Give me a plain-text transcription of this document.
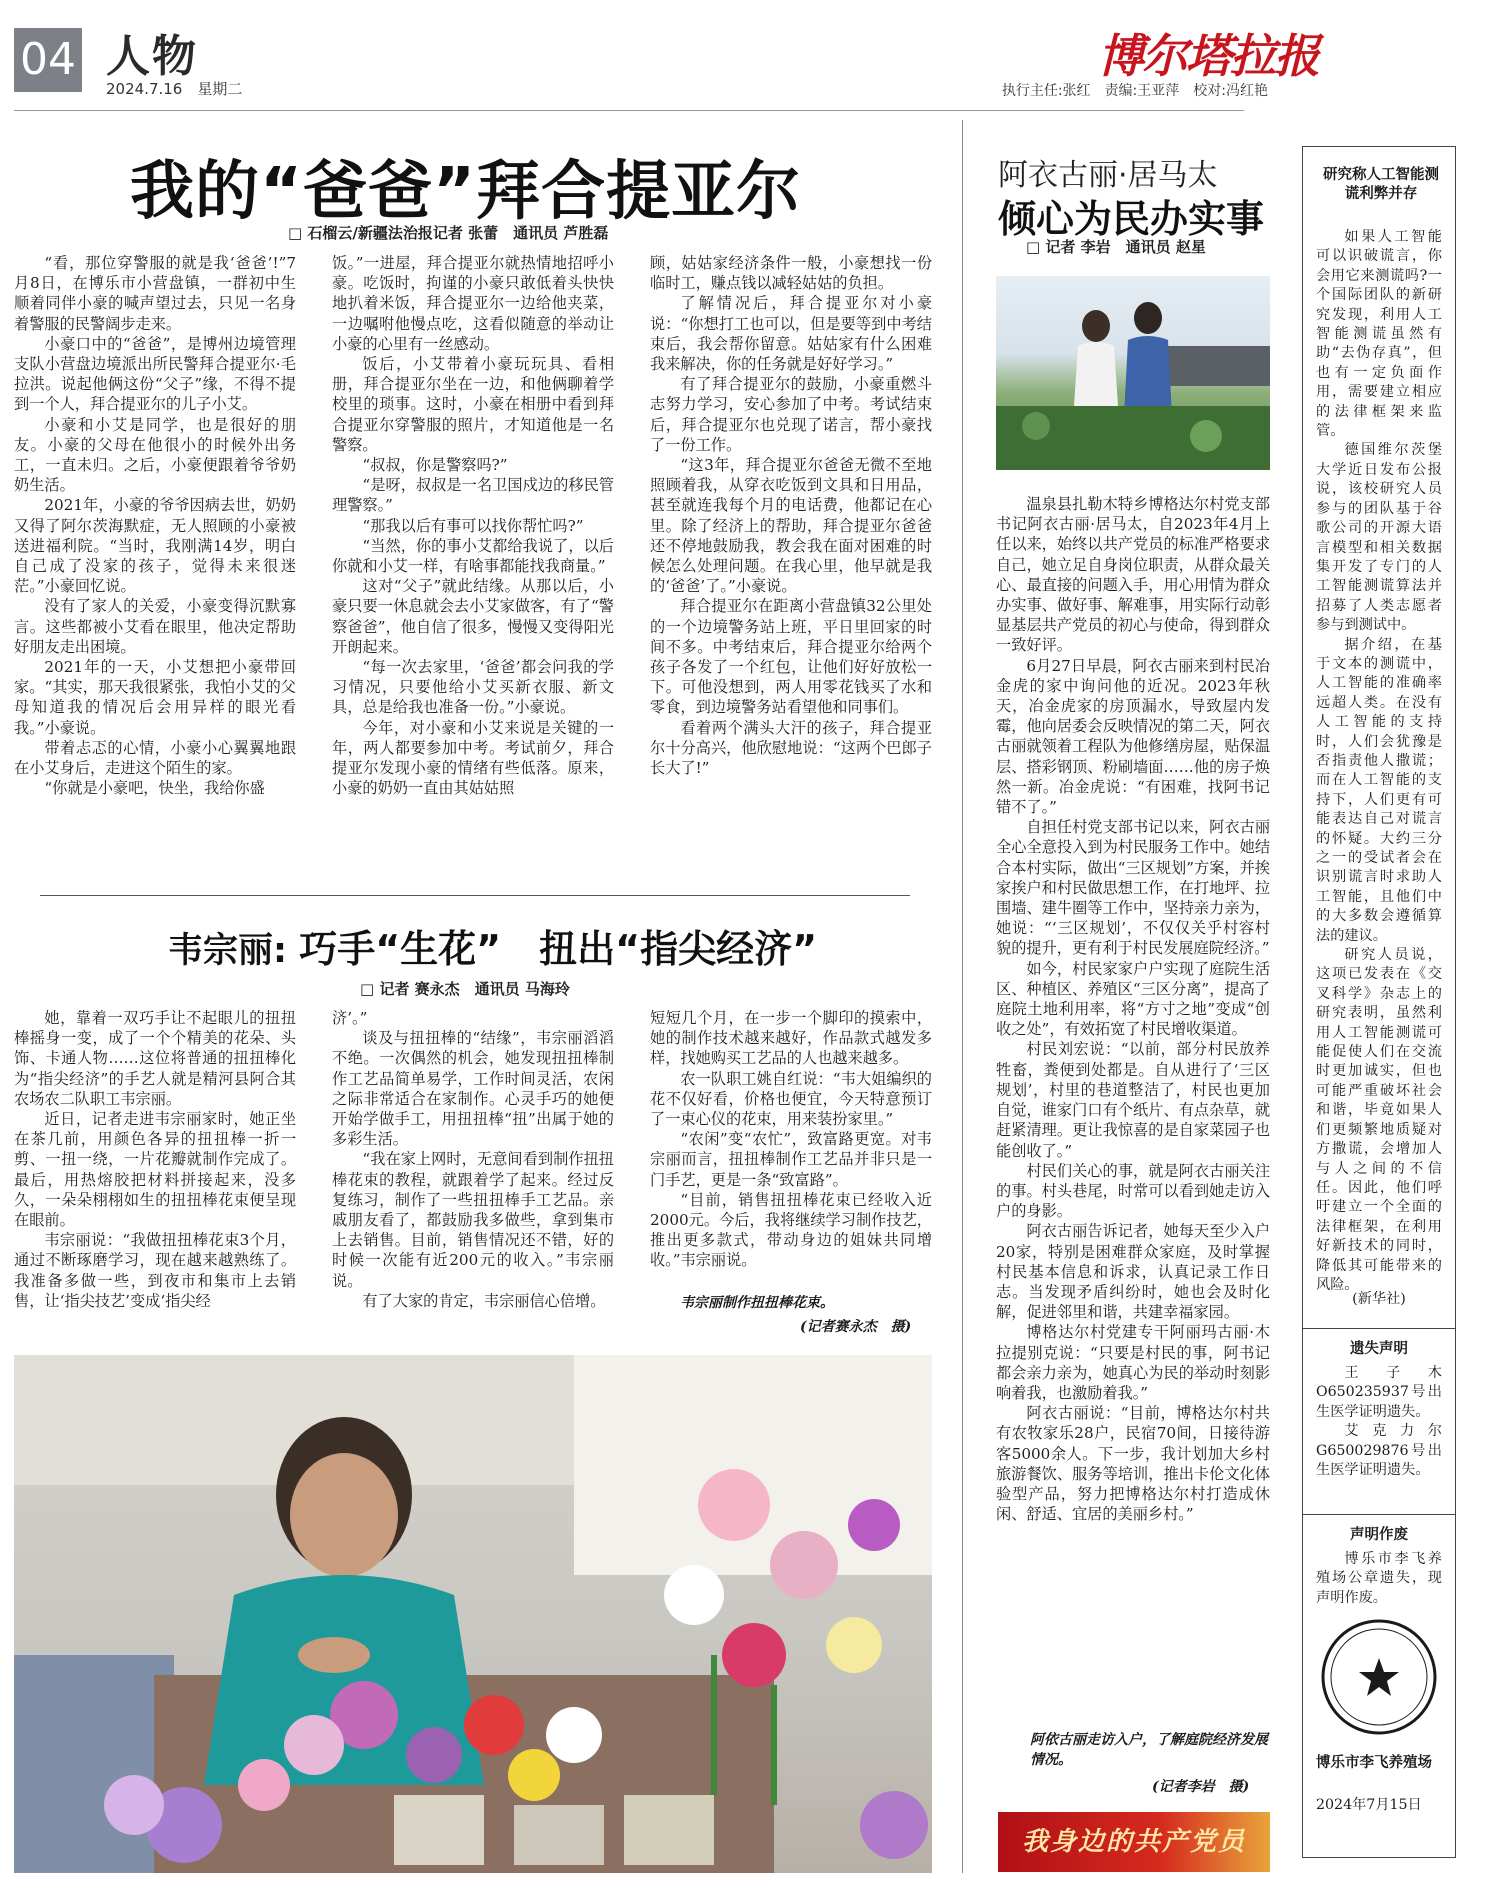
04 人物
2024.7.16　星期二
博尔塔拉报
执行主任:张红　责编:王亚萍　校对:冯红艳
我的“爸爸”拜合提亚尔
□ 石榴云/新疆法治报记者 张蕾　通讯员 芦胜磊

“看，那位穿警服的就是我‘爸爸’!”7月8日，在博乐市小营盘镇，一群初中生顺着同伴小豪的喊声望过去，只见一名身着警服的民警阔步走来。

小豪口中的“爸爸”，是博州边境管理支队小营盘边境派出所民警拜合提亚尔·毛拉洪。说起他俩这份“父子”缘，不得不提到一个人，拜合提亚尔的儿子小艾。

小豪和小艾是同学，也是很好的朋友。小豪的父母在他很小的时候外出务工，一直未归。之后，小豪便跟着爷爷奶奶生活。

2021年，小豪的爷爷因病去世，奶奶又得了阿尔茨海默症，无人照顾的小豪被送进福利院。“当时，我刚满14岁，明白自己成了没家的孩子，觉得未来很迷茫。”小豪回忆说。

没有了家人的关爱，小豪变得沉默寡言。这些都被小艾看在眼里，他决定帮助好朋友走出困境。

2021年的一天，小艾想把小豪带回家。“其实，那天我很紧张，我怕小艾的父母知道我的情况后会用异样的眼光看我。”小豪说。

带着忐忑的心情，小豪小心翼翼地跟在小艾身后，走进这个陌生的家。

“你就是小豪吧，快坐，我给你盛

饭。”一进屋，拜合提亚尔就热情地招呼小豪。吃饭时，拘谨的小豪只敢低着头快快地扒着米饭，拜合提亚尔一边给他夹菜，一边嘱咐他慢点吃，这看似随意的举动让小豪的心里有一丝感动。

饭后，小艾带着小豪玩玩具、看相册，拜合提亚尔坐在一边，和他俩聊着学校里的琐事。这时，小豪在相册中看到拜合提亚尔穿警服的照片，才知道他是一名警察。

“叔叔，你是警察吗?”

“是呀，叔叔是一名卫国戍边的移民管理警察。”

“那我以后有事可以找你帮忙吗?”

“当然，你的事小艾都给我说了，以后你就和小艾一样，有啥事都能找我商量。”

这对“父子”就此结缘。从那以后，小豪只要一休息就会去小艾家做客，有了“警察爸爸”，他自信了很多，慢慢又变得阳光开朗起来。

“每一次去家里，‘爸爸’都会问我的学习情况，只要他给小艾买新衣服、新文具，总是给我也准备一份。”小豪说。

今年，对小豪和小艾来说是关键的一年，两人都要参加中考。考试前夕，拜合提亚尔发现小豪的情绪有些低落。原来，小豪的奶奶一直由其姑姑照

顾，姑姑家经济条件一般，小豪想找一份临时工，赚点钱以减轻姑姑的负担。

了解情况后，拜合提亚尔对小豪说：“你想打工也可以，但是要等到中考结束后，我会帮你留意。姑姑家有什么困难我来解决，你的任务就是好好学习。”

有了拜合提亚尔的鼓励，小豪重燃斗志努力学习，安心参加了中考。考试结束后，拜合提亚尔也兑现了诺言，帮小豪找了一份工作。

“这3年，拜合提亚尔爸爸无微不至地照顾着我，从穿衣吃饭到文具和日用品，甚至就连我每个月的电话费，他都记在心里。除了经济上的帮助，拜合提亚尔爸爸还不停地鼓励我，教会我在面对困难的时候怎么处理问题。在我心里，他早就是我的‘爸爸’了。”小豪说。

拜合提亚尔在距离小营盘镇32公里处的一个边境警务站上班，平日里回家的时间不多。中考结束后，拜合提亚尔给两个孩子各发了一个红包，让他们好好放松一下。可他没想到，两人用零花钱买了水和零食，到边境警务站看望他和同事们。

看着两个满头大汗的孩子，拜合提亚尔十分高兴，他欣慰地说：“这两个巴郎子长大了!”

韦宗丽: 巧手“生花”　扭出“指尖经济”
□ 记者 赛永杰　通讯员 马海玲

她，靠着一双巧手让不起眼儿的扭扭棒摇身一变，成了一个个精美的花朵、头饰、卡通人物……这位将普通的扭扭棒化为“指尖经济”的手艺人就是精河县阿合其农场农二队职工韦宗丽。

近日，记者走进韦宗丽家时，她正坐在茶几前，用颜色各异的扭扭棒一折一剪、一扭一绕，一片花瓣就制作完成了。最后，用热熔胶把材料拼接起来，没多久，一朵朵栩栩如生的扭扭棒花束便呈现在眼前。

韦宗丽说：“我做扭扭棒花束3个月，通过不断琢磨学习，现在越来越熟练了。我准备多做一些，到夜市和集市上去销售，让‘指尖技艺’变成‘指尖经

济’。”

谈及与扭扭棒的“结缘”，韦宗丽滔滔不绝。一次偶然的机会，她发现扭扭棒制作工艺品简单易学，工作时间灵活，农闲之际非常适合在家制作。心灵手巧的她便开始学做手工，用扭扭棒“扭”出属于她的多彩生活。

“我在家上网时，无意间看到制作扭扭棒花束的教程，就跟着学了起来。经过反复练习，制作了一些扭扭棒手工艺品。亲戚朋友看了，都鼓励我多做些，拿到集市上去销售。目前，销售情况还不错，好的时候一次能有近200元的收入。”韦宗丽说。

有了大家的肯定，韦宗丽信心倍增。

短短几个月，在一步一个脚印的摸索中，她的制作技术越来越好，作品款式越发多样，找她购买工艺品的人也越来越多。

农一队职工姚自红说：“韦大姐编织的花不仅好看，价格也便宜，今天特意预订了一束心仪的花束，用来装扮家里。”

“农闲”变“农忙”，致富路更宽。对韦宗丽而言，扭扭棒制作工艺品并非只是一门手艺，更是一条“致富路”。

“目前，销售扭扭棒花束已经收入近2000元。今后，我将继续学习制作技艺，推出更多款式，带动身边的姐妹共同增收。”韦宗丽说。

韦宗丽制作扭扭棒花束。
(记者赛永杰　摄)
阿衣古丽·居马太
倾心为民办实事
□ 记者 李岩　通讯员 赵星

温泉县扎勒木特乡博格达尔村党支部书记阿衣古丽·居马太，自2023年4月上任以来，始终以共产党员的标准严格要求自己，她立足自身岗位职责，从群众最关心、最直接的问题入手，用心用情为群众办实事、做好事、解难事，用实际行动彰显基层共产党员的初心与使命，得到群众一致好评。

6月27日早晨，阿衣古丽来到村民冶金虎的家中询问他的近况。2023年秋天，冶金虎家的房顶漏水，导致屋内发霉，他向居委会反映情况的第二天，阿衣古丽就领着工程队为他修缮房屋，贴保温层、搭彩钢顶、粉刷墙面……他的房子焕然一新。冶金虎说：“有困难，找阿书记错不了。”

自担任村党支部书记以来，阿衣古丽全心全意投入到为村民服务工作中。她结合本村实际，做出“三区规划”方案，并挨家挨户和村民做思想工作，在打地坪、拉围墙、建牛圈等工作中，坚持亲力亲为，她说：“‘三区规划’，不仅仅关乎村容村貌的提升，更有利于村民发展庭院经济。”

如今，村民家家户户实现了庭院生活区、种植区、养殖区“三区分离”，提高了庭院土地利用率，将“方寸之地”变成“创收之处”，有效拓宽了村民增收渠道。

村民刘宏说：“以前，部分村民放养牲畜，粪便到处都是。自从进行了‘三区规划’，村里的巷道整洁了，村民也更加自觉，谁家门口有个纸片、有点杂草，就赶紧清理。更让我惊喜的是自家菜园子也能创收了。”

村民们关心的事，就是阿衣古丽关注的事。村头巷尾，时常可以看到她走访入户的身影。

阿衣古丽告诉记者，她每天至少入户20家，特别是困难群众家庭，及时掌握村民基本信息和诉求，认真记录工作日志。当发现矛盾纠纷时，她也会及时化解，促进邻里和谐，共建幸福家园。

博格达尔村党建专干阿丽玛古丽·木拉提别克说：“只要是村民的事，阿书记都会亲力亲为，她真心为民的举动时刻影响着我，也激励着我。”

阿衣古丽说：“目前，博格达尔村共有农牧家乐28户，民宿70间，日接待游客5000余人。下一步，我计划加大乡村旅游餐饮、服务等培训，推出卡伦文化体验型产品，努力把博格达尔村打造成休闲、舒适、宜居的美丽乡村。”

阿依古丽走访入户，了解庭院经济发展情况。
(记者李岩　摄)
我身边的共产党员
研究称人工智能测谎利弊并存

如果人工智能可以识破谎言，你会用它来测谎吗?一个国际团队的新研究发现，利用人工智能测谎虽然有助“去伪存真”，但也有一定负面作用，需要建立相应的法律框架来监管。

德国维尔茨堡大学近日发布公报说，该校研究人员参与的团队基于谷歌公司的开源大语言模型和相关数据集开发了专门的人工智能测谎算法并招募了人类志愿者参与到测试中。

据介绍，在基于文本的测谎中，人工智能的准确率远超人类。在没有人工智能的支持时，人们会犹豫是否指责他人撒谎；而在人工智能的支持下，人们更有可能表达自己对谎言的怀疑。大约三分之一的受试者会在识别谎言时求助人工智能，且他们中的大多数会遵循算法的建议。

研究人员说，这项已发表在《交叉科学》杂志上的研究表明，虽然利用人工智能测谎可能促使人们在交流时更加诚实，但也可能严重破坏社会和谐，毕竟如果人们更频繁地质疑对方撒谎，会增加人与人之间的不信任。因此，他们呼吁建立一个全面的法律框架，在利用好新技术的同时，降低其可能带来的风险。

(新华社)
遗失声明

王子木O650235937号出生医学证明遗失。

艾克力尔G650029876号出生医学证明遗失。

声明作废

博乐市李飞养殖场公章遗失，现声明作废。

博乐市李飞养殖场
2024年7月15日
